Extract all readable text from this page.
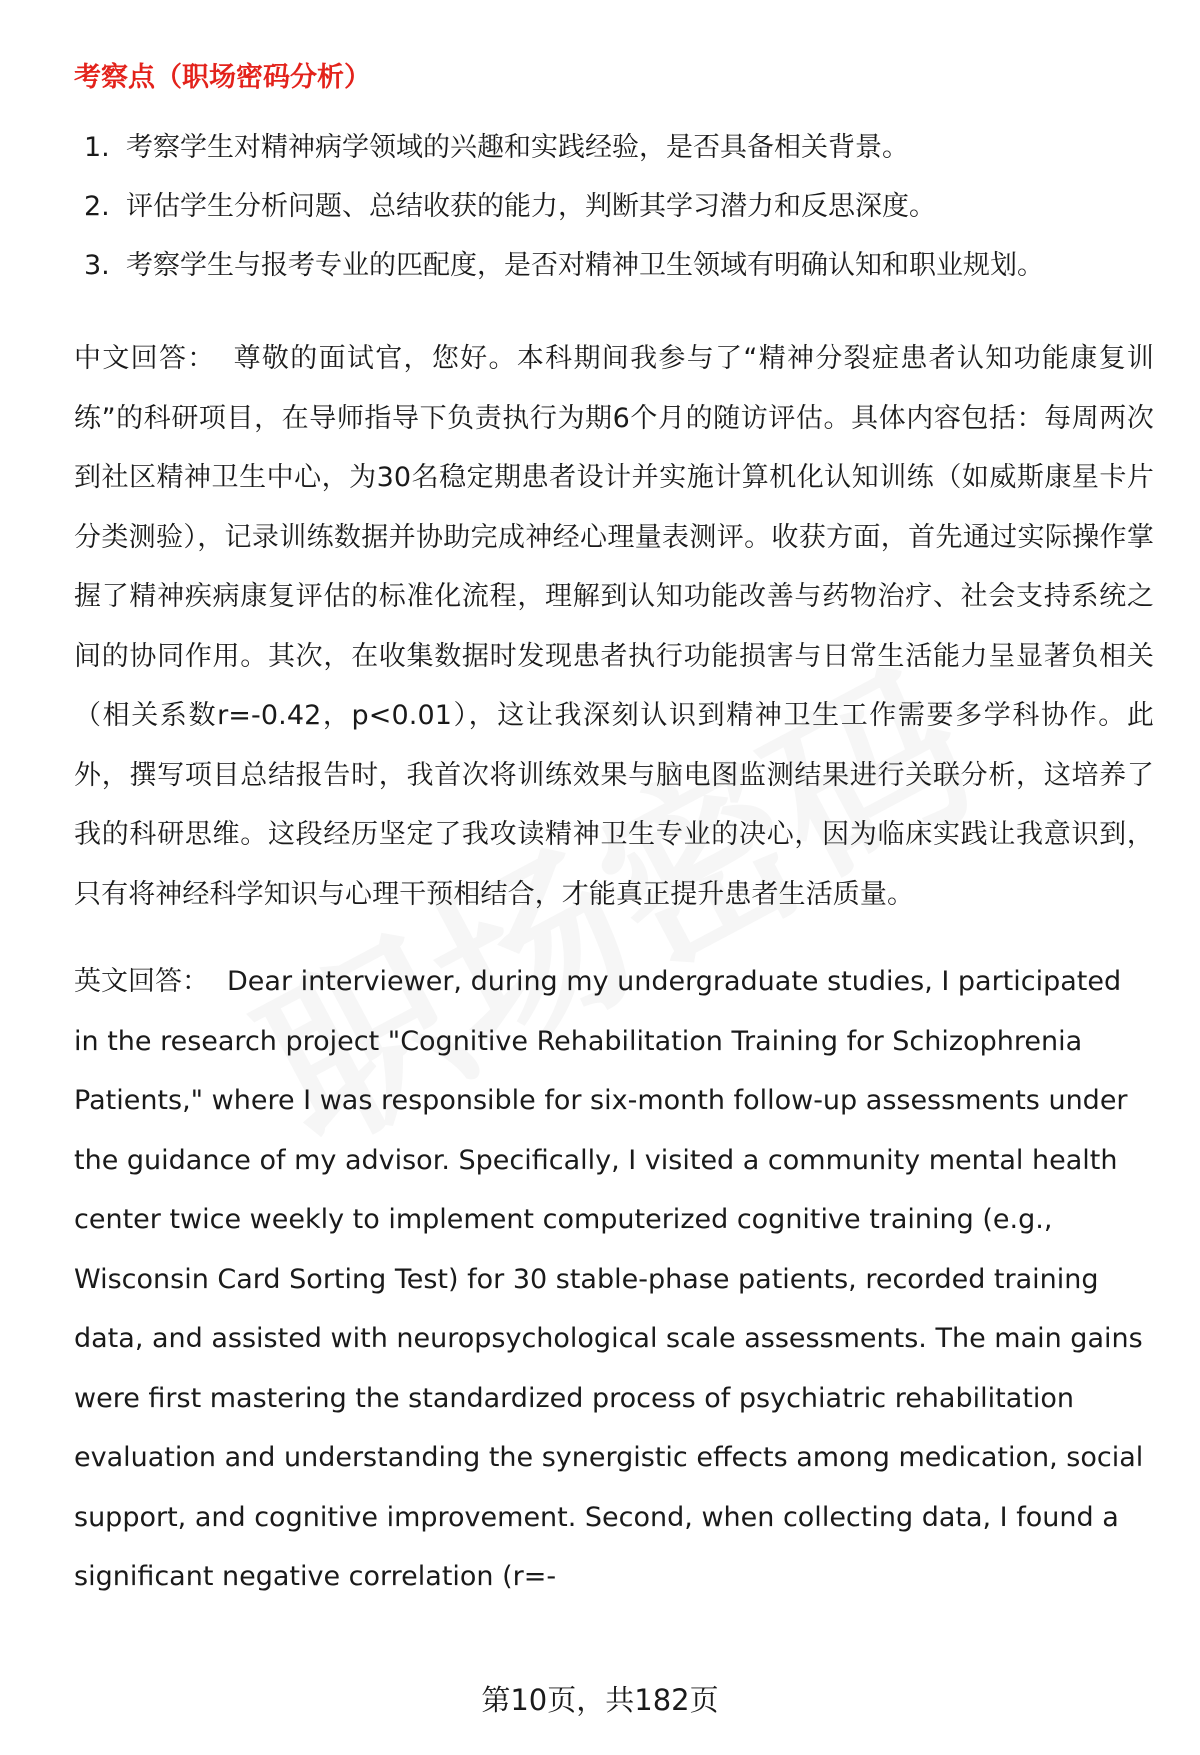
考察点（职场密码分析）
1. 考察学生对精神病学领域的兴趣和实践经验，是否具备相关背景。
2. 评估学生分析问题、总结收获的能力，判断其学习潜力和反思深度。
3. 考察学生与报考专业的匹配度，是否对精神卫生领域有明确认知和职业规划。

中文回答： 尊敬的面试官，您好。本科期间我参与了“精神分裂症患者认知功能康复训练”的科研项目，在导师指导下负责执行为期6个月的随访评估。具体内容包括：每周两次到社区精神卫生中心，为30名稳定期患者设计并实施计算机化认知训练（如威斯康星卡片分类测验），记录训练数据并协助完成神经心理量表测评。收获方面，首先通过实际操作掌握了精神疾病康复评估的标准化流程，理解到认知功能改善与药物治疗、社会支持系统之间的协同作用。其次，在收集数据时发现患者执行功能损害与日常生活能力呈显著负相关（相关系数r=-0.42，p<0.01），这让我深刻认识到精神卫生工作需要多学科协作。此外，撰写项目总结报告时，我首次将训练效果与脑电图监测结果进行关联分析，这培养了我的科研思维。这段经历坚定了我攻读精神卫生专业的决心，因为临床实践让我意识到，只有将神经科学知识与心理干预相结合，才能真正提升患者生活质量。

英文回答： Dear interviewer, during my undergraduate studies, I participated in the research project "Cognitive Rehabilitation Training for Schizophrenia Patients," where I was responsible for six-month follow-up assessments under the guidance of my advisor. Specifically, I visited a community mental health center twice weekly to implement computerized cognitive training (e.g., Wisconsin Card Sorting Test) for 30 stable-phase patients, recorded training data, and assisted with neuropsychological scale assessments. The main gains were first mastering the standardized process of psychiatric rehabilitation evaluation and understanding the synergistic effects among medication, social support, and cognitive improvement. Second, when collecting data, I found a significant negative correlation (r=-

第10页，共182页
